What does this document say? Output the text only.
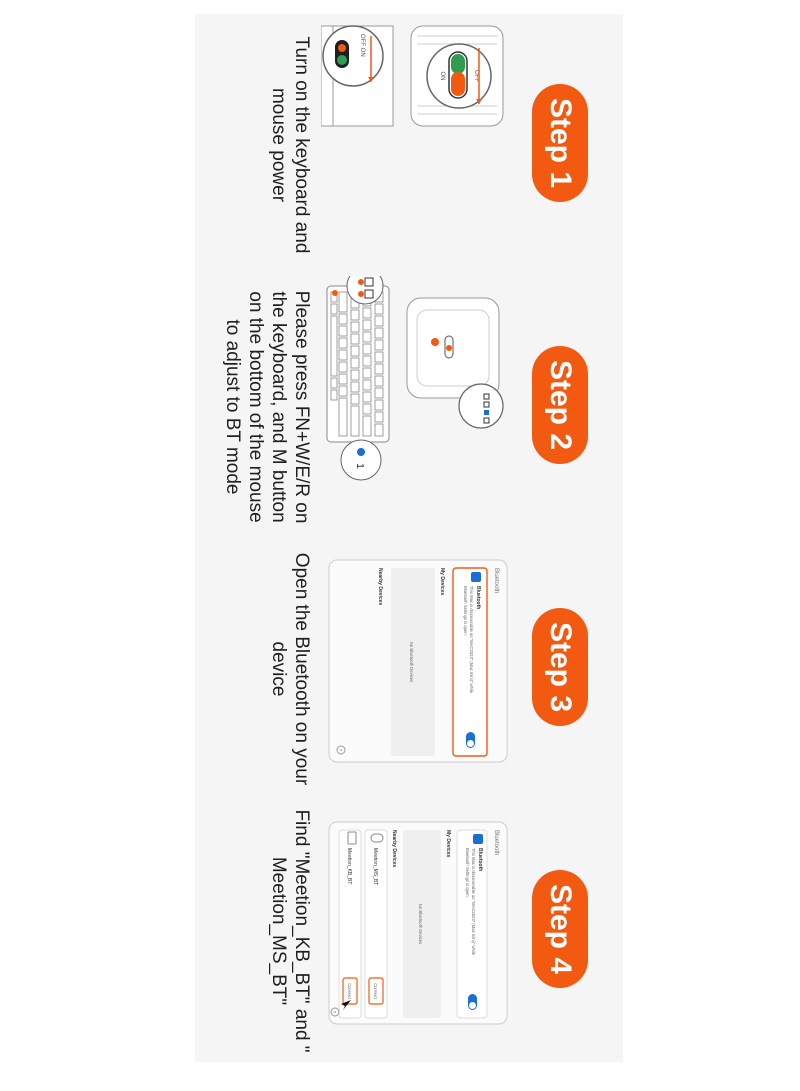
Step 1
ON	OFF
OFF ON
Turn on the keyboard and mouse power
Step 2
1
Please press FN+W/E/R on the keyboard, and M button on the bottom of the mouse to adjust to BT mode
Step 3
Bluetooth
Bluetooth
This Mac is discoverable as "MAC2023" (Mac mini)" while
Bluetooth Settings is open.
My Devices
No Bluetooth Devices
Nearby Devices
?
Open the Bluetooth on your device
Step 4
Bluetooth
Bluetooth
This Mac is discoverable as "MAC2023" (Mac mini)" while
Bluetooth Settings is open.
My Devices
No Bluetooth Devices
Nearby Devices
Meetion_MS_BT
Connect
Meetion_KB_BT
Connect
?
Find "Meetion_KB_BT" and " Meetion_MS_BT"
